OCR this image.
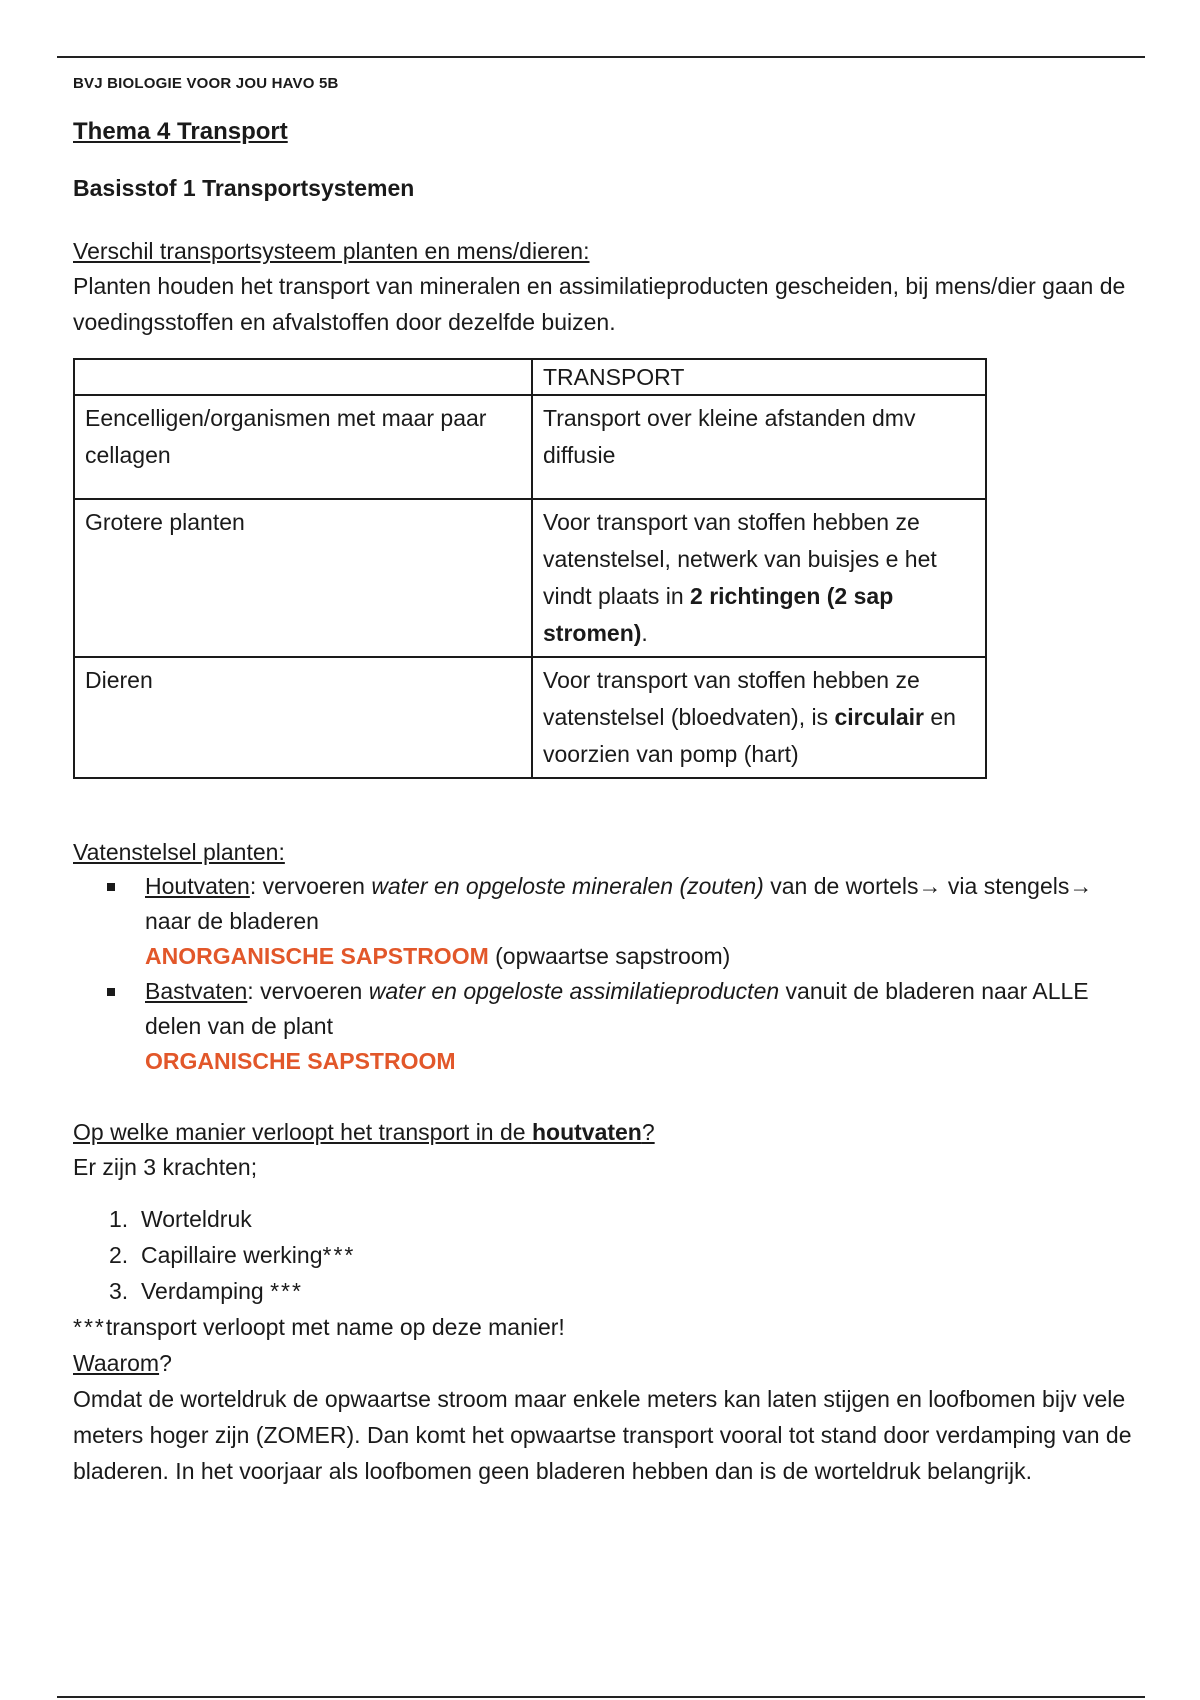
BVJ BIOLOGIE VOOR JOU HAVO 5B
Thema 4 Transport
Basisstof 1 Transportsystemen
Verschil transportsysteem planten en mens/dieren:

Planten houden het transport van mineralen en assimilatieproducten gescheiden, bij mens/dier gaan de voedingsstoffen en afvalstoffen door dezelfde buizen.

	TRANSPORT
Eencelligen/organismen met maar paar cellagen	Transport over kleine afstanden dmv diffusie
Grotere planten	Voor transport van stoffen hebben ze vatenstelsel, netwerk van buisjes e het vindt plaats in 2 richtingen (2 sap stromen).
Dieren	Voor transport van stoffen hebben ze vatenstelsel (bloedvaten), is circulair en voorzien van pomp (hart)
Vatenstelsel planten:
Houtvaten: vervoeren water en opgeloste mineralen (zouten) van de wortels→ via stengels→ naar de bladeren
ANORGANISCHE SAPSTROOM (opwaartse sapstroom)
Bastvaten: vervoeren water en opgeloste assimilatieproducten vanuit de bladeren naar ALLE delen van de plant
ORGANISCHE SAPSTROOM
Op welke manier verloopt het transport in de houtvaten?

Er zijn 3 krachten;

1. Worteldruk
2. Capillaire werking***
3. Verdamping ***

***transport verloopt met name op deze manier!

Waarom?

Omdat de worteldruk de opwaartse stroom maar enkele meters kan laten stijgen en loofbomen bijv vele meters hoger zijn (ZOMER). Dan komt het opwaartse transport vooral tot stand door verdamping van de bladeren. In het voorjaar als loofbomen geen bladeren hebben dan is de worteldruk belangrijk.
